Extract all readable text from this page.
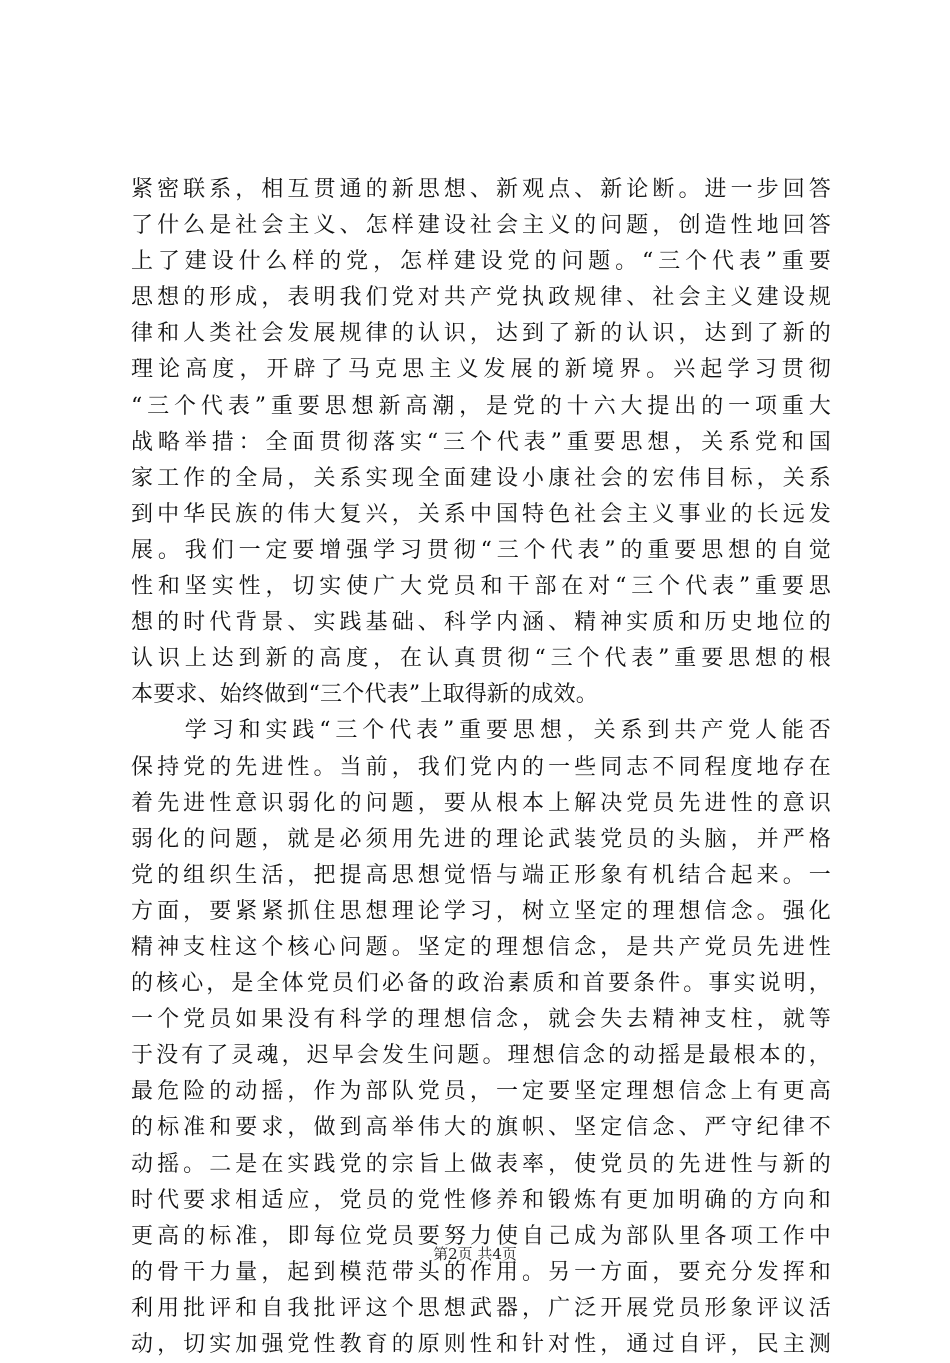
紧密联系，相互贯通的新思想、新观点、新论断。进一步回答
了什么是社会主义、怎样建设社会主义的问题，创造性地回答
上了建设什么样的党，怎样建设党的问题。“三个代表”重要
思想的形成，表明我们党对共产党执政规律、社会主义建设规
律和人类社会发展规律的认识，达到了新的认识，达到了新的
理论高度，开辟了马克思主义发展的新境界。兴起学习贯彻
“三个代表”重要思想新高潮，是党的十六大提出的一项重大
战略举措：全面贯彻落实“三个代表”重要思想，关系党和国
家工作的全局，关系实现全面建设小康社会的宏伟目标，关系
到中华民族的伟大复兴，关系中国特色社会主义事业的长远发
展。我们一定要增强学习贯彻“三个代表”的重要思想的自觉
性和坚实性，切实使广大党员和干部在对“三个代表”重要思
想的时代背景、实践基础、科学内涵、精神实质和历史地位的
认识上达到新的高度，在认真贯彻“三个代表”重要思想的根
本要求、始终做到“三个代表”上取得新的成效。
　　学习和实践“三个代表”重要思想，关系到共产党人能否
保持党的先进性。当前，我们党内的一些同志不同程度地存在
着先进性意识弱化的问题，要从根本上解决党员先进性的意识
弱化的问题，就是必须用先进的理论武装党员的头脑，并严格
党的组织生活，把提高思想觉悟与端正形象有机结合起来。一
方面，要紧紧抓住思想理论学习，树立坚定的理想信念。强化
精神支柱这个核心问题。坚定的理想信念，是共产党员先进性
的核心，是全体党员们必备的政治素质和首要条件。事实说明，
一个党员如果没有科学的理想信念，就会失去精神支柱，就等
于没有了灵魂，迟早会发生问题。理想信念的动摇是最根本的，
最危险的动摇，作为部队党员，一定要坚定理想信念上有更高
的标准和要求，做到高举伟大的旗帜、坚定信念、严守纪律不
动摇。二是在实践党的宗旨上做表率，使党员的先进性与新的
时代要求相适应，党员的党性修养和锻炼有更加明确的方向和
更高的标准，即每位党员要努力使自己成为部队里各项工作中
的骨干力量，起到模范带头的作用。另一方面，要充分发挥和
利用批评和自我批评这个思想武器，广泛开展党员形象评议活
动，切实加强党性教育的原则性和针对性，通过自评，民主测
第2页 共4页
